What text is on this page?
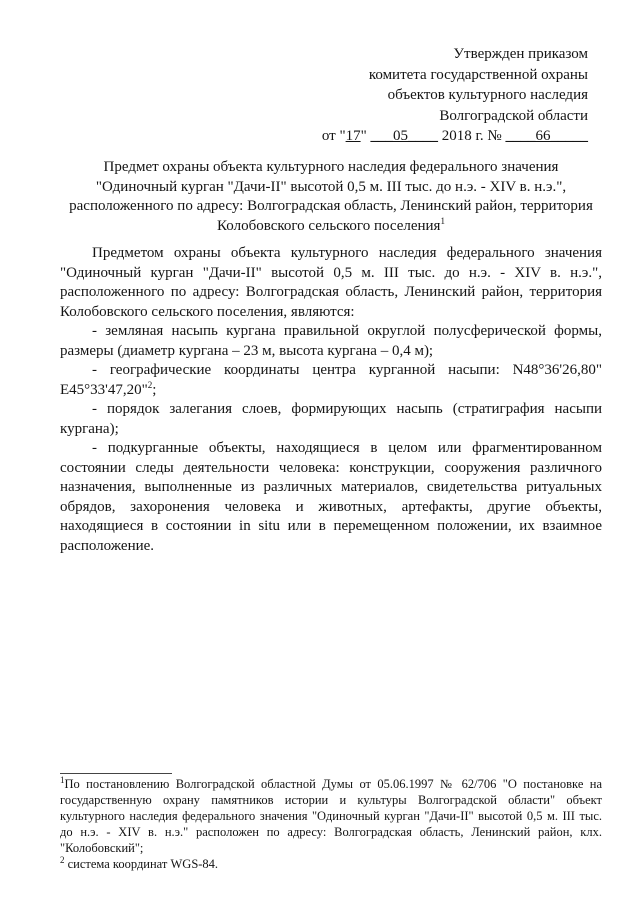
Утвержден приказом
комитета государственной охраны
объектов культурного наследия
Волгоградской области
от "17" ___05____ 2018 г. № ____66_____
Предмет охраны объекта культурного наследия федерального значения
"Одиночный курган "Дачи-II" высотой 0,5 м. III тыс. до н.э. - XIV в. н.э.",
расположенного по адресу: Волгоградская область, Ленинский район, территория
Колобовского сельского поселения$^1$

Предметом охраны объекта культурного наследия федерального значения "Одиночный курган "Дачи-II" высотой 0,5 м. III тыс. до н.э. - XIV в. н.э.", расположенного по адресу: Волгоградская область, Ленинский район, территория Колобовского сельского поселения, являются:

- земляная насыпь кургана правильной округлой полусферической формы, размеры (диаметр кургана – 23 м, высота кургана – 0,4 м);

- географические координаты центра курганной насыпи: N48°36'26,80" E45°33'47,20"$^2$;

- порядок залегания слоев, формирующих насыпь (стратиграфия насыпи кургана);

- подкурганные объекты, находящиеся в целом или фрагментированном состоянии следы деятельности человека: конструкции, сооружения различного назначения, выполненные из различных материалов, свидетельства ритуальных обрядов, захоронения человека и животных, артефакты, другие объекты, находящиеся в состоянии in situ или в перемещенном положении, их взаимное расположение.

$^1$По постановлению Волгоградской областной Думы от 05.06.1997 № 62/706 "О постановке на государственную охрану памятников истории и культуры Волгоградской области" объект культурного наследия федерального значения "Одиночный курган "Дачи-II" высотой 0,5 м. III тыс. до н.э. - XIV в. н.э." расположен по адресу: Волгоградская область, Ленинский район, клх. "Колобовский";

$^2$ система координат WGS-84.
